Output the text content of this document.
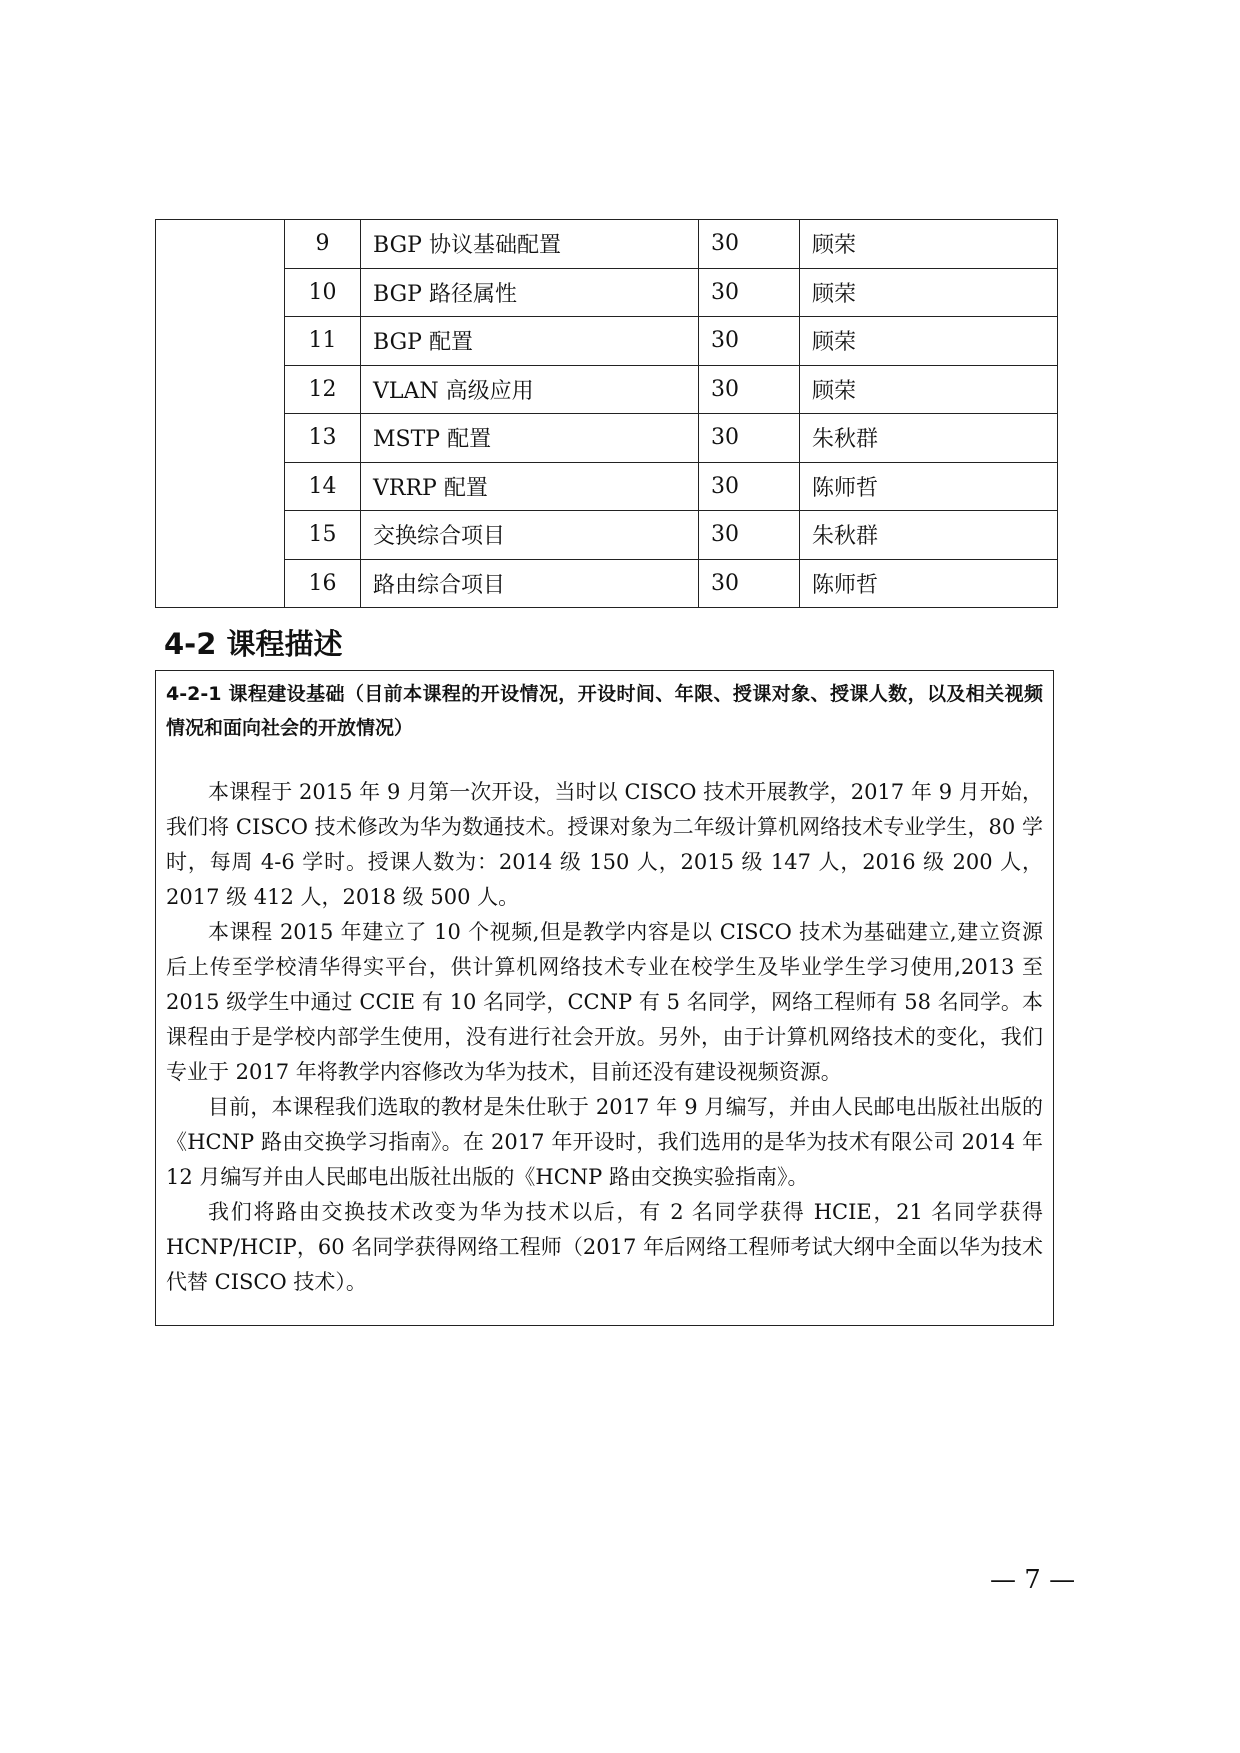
	9	BGP 协议基础配置	30	顾荣
	10	BGP 路径属性	30	顾荣
	11	BGP 配置	30	顾荣
	12	VLAN 高级应用	30	顾荣
	13	MSTP 配置	30	朱秋群
	14	VRRP 配置	30	陈师哲
	15	交换综合项目	30	朱秋群
	16	路由综合项目	30	陈师哲
4-2 课程描述

4-2-1 课程建设基础（目前本课程的开设情况，开设时间、年限、授课对象、授课人数，以及相关视频情况和面向社会的开放情况）

本课程于 2015 年 9 月第一次开设，当时以 CISCO 技术开展教学，2017 年 9 月开始，我们将 CISCO 技术修改为华为数通技术。授课对象为二年级计算机网络技术专业学生，80 学时，每周 4-6 学时。授课人数为：2014 级 150 人，2015 级 147 人，2016 级 200 人，2017 级 412 人，2018 级 500 人。

本课程 2015 年建立了 10 个视频,但是教学内容是以 CISCO 技术为基础建立,建立资源后上传至学校清华得实平台，供计算机网络技术专业在校学生及毕业学生学习使用,2013 至 2015 级学生中通过 CCIE 有 10 名同学，CCNP 有 5 名同学，网络工程师有 58 名同学。本课程由于是学校内部学生使用，没有进行社会开放。另外，由于计算机网络技术的变化，我们专业于 2017 年将教学内容修改为华为技术，目前还没有建设视频资源。

目前，本课程我们选取的教材是朱仕耿于 2017 年 9 月编写，并由人民邮电出版社出版的《HCNP 路由交换学习指南》。在 2017 年开设时，我们选用的是华为技术有限公司 2014 年 12 月编写并由人民邮电出版社出版的《HCNP 路由交换实验指南》。

我们将路由交换技术改变为华为技术以后，有 2 名同学获得 HCIE，21 名同学获得 HCNP/HCIP，60 名同学获得网络工程师（2017 年后网络工程师考试大纲中全面以华为技术代替 CISCO 技术）。

— 7 —
